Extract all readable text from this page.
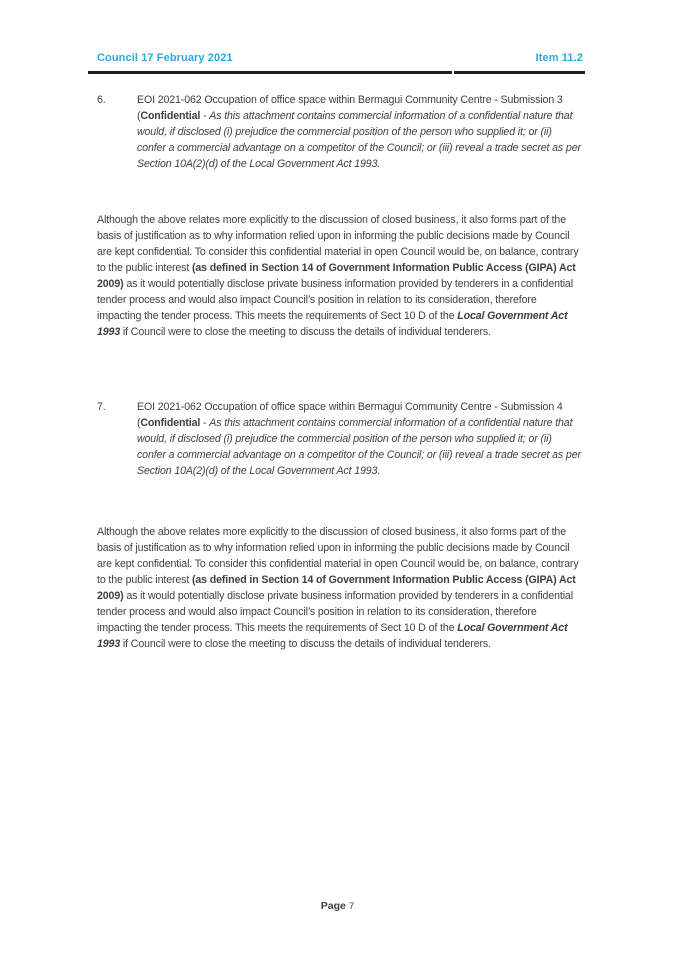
Council 17 February 2021	Item 11.2
6.	EOI 2021-062 Occupation of office space within Bermagui Community Centre - Submission 3 (Confidential - As this attachment contains commercial information of a confidential nature that would, if disclosed (i) prejudice the commercial position of the person who supplied it; or (ii) confer a commercial advantage on a competitor of the Council; or (iii) reveal a trade secret as per Section 10A(2)(d) of the Local Government Act 1993.

Although the above relates more explicitly to the discussion of closed business, it also forms part of the basis of justification as to why information relied upon in informing the public decisions made by Council are kept confidential. To consider this confidential material in open Council would be, on balance, contrary to the public interest (as defined in Section 14 of Government Information Public Access (GIPA) Act 2009) as it would potentially disclose private business information provided by tenderers in a confidential tender process and would also impact Council’s position in relation to its consideration, therefore impacting the tender process. This meets the requirements of Sect 10 D of the Local Government Act 1993 if Council were to close the meeting to discuss the details of individual tenderers.

7.	EOI 2021-062 Occupation of office space within Bermagui Community Centre - Submission 4 (Confidential - As this attachment contains commercial information of a confidential nature that would, if disclosed (i) prejudice the commercial position of the person who supplied it; or (ii) confer a commercial advantage on a competitor of the Council; or (iii) reveal a trade secret as per Section 10A(2)(d) of the Local Government Act 1993.

Although the above relates more explicitly to the discussion of closed business, it also forms part of the basis of justification as to why information relied upon in informing the public decisions made by Council are kept confidential. To consider this confidential material in open Council would be, on balance, contrary to the public interest (as defined in Section 14 of Government Information Public Access (GIPA) Act 2009) as it would potentially disclose private business information provided by tenderers in a confidential tender process and would also impact Council’s position in relation to its consideration, therefore impacting the tender process. This meets the requirements of Sect 10 D of the Local Government Act 1993 if Council were to close the meeting to discuss the details of individual tenderers.

Page 7
